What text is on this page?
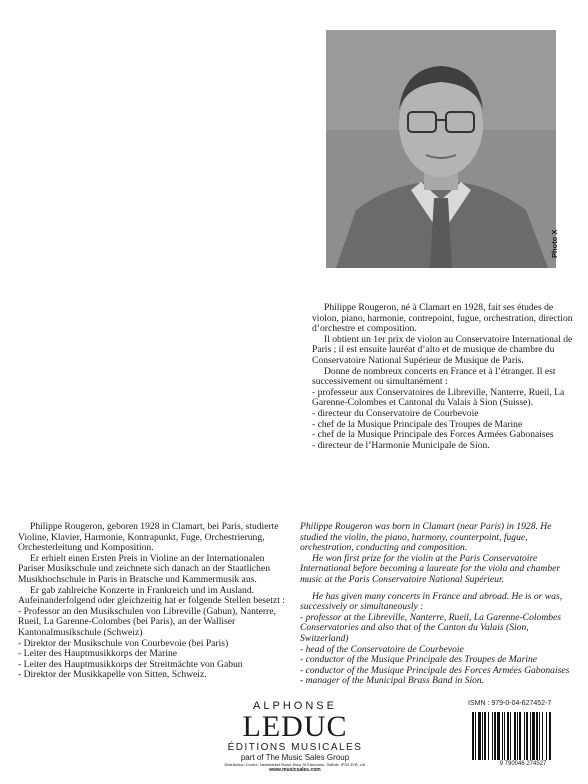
Photo X

Philippe Rougeron, né à Clamart en 1928, fait ses études de violon, piano, harmonie, contrepoint, fugue, orchestration, direction d’orchestre et composition.

Il obtient un 1er prix de violon au Conservatoire International de Paris ; il est ensuite lauréat d’alto et de musique de chambre du Conservatoire National Supérieur de Musique de Paris.

Donne de nombreux concerts en France et à l’étranger. Il est successivement ou simultanément :

- professeur aux Conservatoires de Libreville, Nanterre, Rueil, La Garenne-Colombes et Cantonal du Valais à Sion (Suisse).

- directeur du Conservatoire de Courbevoie

- chef de la Musique Principale des Troupes de Marine

- chef de la Musique Principale des Forces Armées Gabonaises

- directeur de l’Harmonie Municipale de Sion.

Philippe Rougeron, geboren 1928 in Clamart, bei Paris, studierte Violine, Klavier, Harmonie, Kontrapunkt, Fuge, Orchestrierung, Orchesterleitung und Komposition.

Er erhielt einen Ersten Preis in Violine an der Internationalen Pariser Musikschule und zeichnete sich danach an der Staatlichen Musikhochschule in Paris in Bratsche und Kammermusik aus.

Er gab zahlreiche Konzerte in Frankreich und im Ausland. Aufeinanderfolgend oder gleichzeitig hat er folgende Stellen besetzt :

- Professor an den Musikschulen von Libreville (Gabun), Nanterre, Rueil, La Garenne-Colombes (bei Paris), an der Walliser Kantonalmusikschule (Schweiz)

- Direktor der Musikschule von Courbevoie (bei Paris)

- Leiter des Hauptmusikkorps der Marine

- Leiter des Hauptmusikkorps der Streitmächte von Gabun

- Direktor der Musikkapelle von Sitten, Schweiz.

Philippe Rougeron was born in Clamart (near Paris) in 1928. He studied the violin, the piano, harmony, counterpoint, fugue, orchestration, conducting and composition.

He won first prize for the violin at the Paris Conservatoire International before becoming a laureate for the viola and chamber music at the Paris Conservatoire National Supérieur.

He has given many concerts in France and abroad. He is or was, successively or simultaneously :

- professor at the Libreville, Nanterre, Rueil, La Garenne-Colombes Conservatories and also that of the Canton du Valais (Sion, Switzerland)

- head of the Conservatoire de Courbevoie

- conductor of the Musique Principale des Troupes de Marine

- conductor of the Musique Principale des Forces Armées Gabonaises

- manager of the Municipal Brass Band in Sion.

ALPHONSE
LEDUC
ÉDITIONS MUSICALES
part of The Music Sales Group
Distribution Centre, Newmarket Road, Bury St Edmunds, Suffolk, IP33 3YB, UK
www.musicsales.com
ISMN : 979-0-04-627452-7
9 790046 274527
